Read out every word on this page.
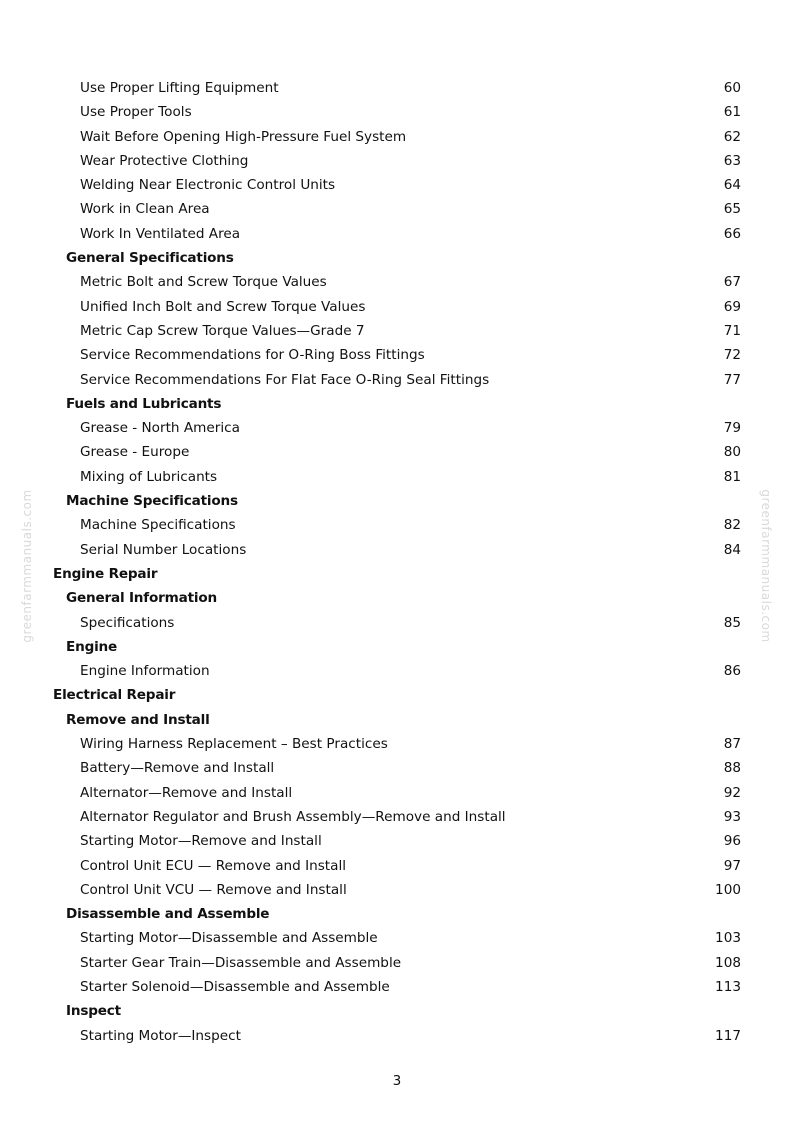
greenfarmmanuals.com	greenfarmmanuals.com
Use Proper Lifting Equipment	60
Use Proper Tools	61
Wait Before Opening High-Pressure Fuel System	62
Wear Protective Clothing	63
Welding Near Electronic Control Units	64
Work in Clean Area	65
Work In Ventilated Area	66
General Specifications
Metric Bolt and Screw Torque Values	67
Unified Inch Bolt and Screw Torque Values	69
Metric Cap Screw Torque Values—Grade 7	71
Service Recommendations for O-Ring Boss Fittings	72
Service Recommendations For Flat Face O-Ring Seal Fittings	77
Fuels and Lubricants
Grease - North America	79
Grease - Europe	80
Mixing of Lubricants	81
Machine Specifications
Machine Specifications	82
Serial Number Locations	84
Engine Repair
General Information
Specifications	85
Engine
Engine Information	86
Electrical Repair
Remove and Install
Wiring Harness Replacement – Best Practices	87
Battery—Remove and Install	88
Alternator—Remove and Install	92
Alternator Regulator and Brush Assembly—Remove and Install	93
Starting Motor—Remove and Install	96
Control Unit ECU — Remove and Install	97
Control Unit VCU — Remove and Install	100
Disassemble and Assemble
Starting Motor—Disassemble and Assemble	103
Starter Gear Train—Disassemble and Assemble	108
Starter Solenoid—Disassemble and Assemble	113
Inspect
Starting Motor—Inspect	117
3
